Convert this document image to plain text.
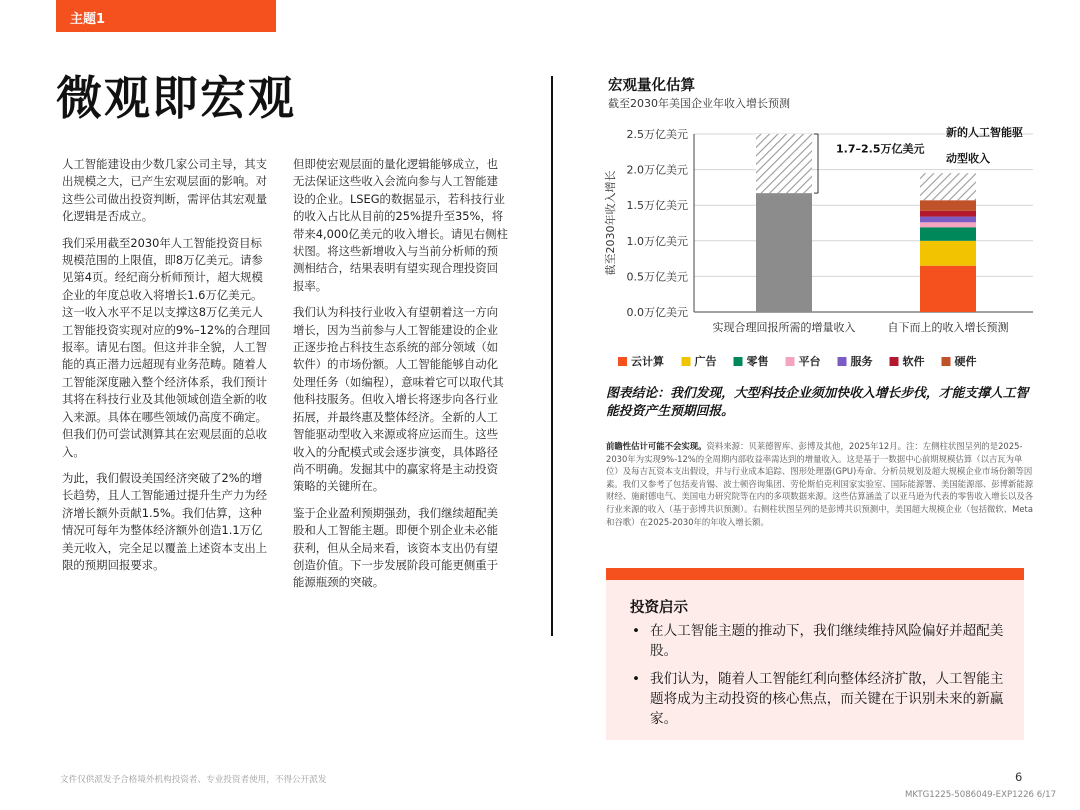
主题1
微观即宏观

人工智能建设由少数几家公司主导，其支出规模之大，已产生宏观层面的影响。对这些公司做出投资判断，需评估其宏观量化逻辑是否成立。

我们采用截至2030年人工智能投资目标规模范围的上限值，即8万亿美元。请参见第4页。经纪商分析师预计，超大规模企业的年度总收入将增长1.6万亿美元。这一收入水平不足以支撑这8万亿美元人工智能投资实现对应的9%–12%的合理回报率。请见右图。但这并非全貌，人工智能的真正潜力远超现有业务范畴。随着人工智能深度融入整个经济体系，我们预计其将在科技行业及其他领域创造全新的收入来源。具体在哪些领域仍高度不确定。但我们仍可尝试测算其在宏观层面的总收入。

为此，我们假设美国经济突破了2%的增长趋势，且人工智能通过提升生产力为经济增长额外贡献1.5%。我们估算，这种情况可每年为整体经济额外创造1.1万亿美元收入，完全足以覆盖上述资本支出上限的预期回报要求。

但即使宏观层面的量化逻辑能够成立，也无法保证这些收入会流向参与人工智能建设的企业。LSEG的数据显示，若科技行业的收入占比从目前的25%提升至35%，将带来4,000亿美元的收入增长。请见右侧柱状图。将这些新增收入与当前分析师的预测相结合，结果表明有望实现合理投资回报率。

我们认为科技行业收入有望朝着这一方向增长，因为当前参与人工智能建设的企业正逐步抢占科技生态系统的部分领域（如软件）的市场份额。人工智能能够自动化处理任务（如编程），意味着它可以取代其他科技服务。但收入增长将逐步向各行业拓展，并最终惠及整体经济。全新的人工智能驱动型收入来源或将应运而生。这些收入的分配模式或会逐步演变，具体路径尚不明确。发掘其中的赢家将是主动投资策略的关键所在。

鉴于企业盈利预期强劲，我们继续超配美股和人工智能主题。即便个别企业未必能获利，但从全局来看，该资本支出仍有望创造价值。下一步发展阶段可能更侧重于能源瓶颈的突破。

宏观量化估算
截至2030年美国企业年收入增长预测
0.0万亿美元
0.5万亿美元
1.0万亿美元
1.5万亿美元
2.0万亿美元
2.5万亿美元
截至2030年收入增长
1.7–2.5万亿美元
新的人工智能驱
动型收入
实现合理回报所需的增量收入	自下而上的收入增长预测
云计算	广告	零售	平台	服务	软件	硬件
图表结论：我们发现，大型科技企业须加快收入增长步伐，才能支撑人工智能投资产生预期回报。
前瞻性估计可能不会实现。资料来源：贝莱德智库、彭博及其他，2025年12月。注：左侧柱状图呈列的是2025-2030年为实现9%-12%的全周期内部收益率需达到的增量收入。这是基于一数据中心前期规模估算（以吉瓦为单位）及每吉瓦资本支出假设，并与行业成本追踪、图形处理器(GPU)寿命、分析员规划及超大规模企业市场份额等因素。我们又参考了包括麦肯锡、波士顿咨询集团、劳伦斯伯克利国家实验室、国际能源署、美国能源部、彭博新能源财经、施耐德电气、美国电力研究院等在内的多项数据来源。这些估算涵盖了以亚马逊为代表的零售收入增长以及各行业来源的收入（基于彭博共识预测）。右侧柱状图呈列的是彭博共识预测中，美国超大规模企业（包括微软、Meta和谷歌）在2025-2030年的年收入增长额。
投资启示
• 在人工智能主题的推动下，我们继续维持风险偏好并超配美股。
• 我们认为，随着人工智能红利向整体经济扩散，人工智能主题将成为主动投资的核心焦点，而关键在于识别未来的新赢家。
文件仅供派发予合格境外机构投资者、专业投资者使用，不得公开派发	6
MKTG1225-5086049-EXP1226 6/17
